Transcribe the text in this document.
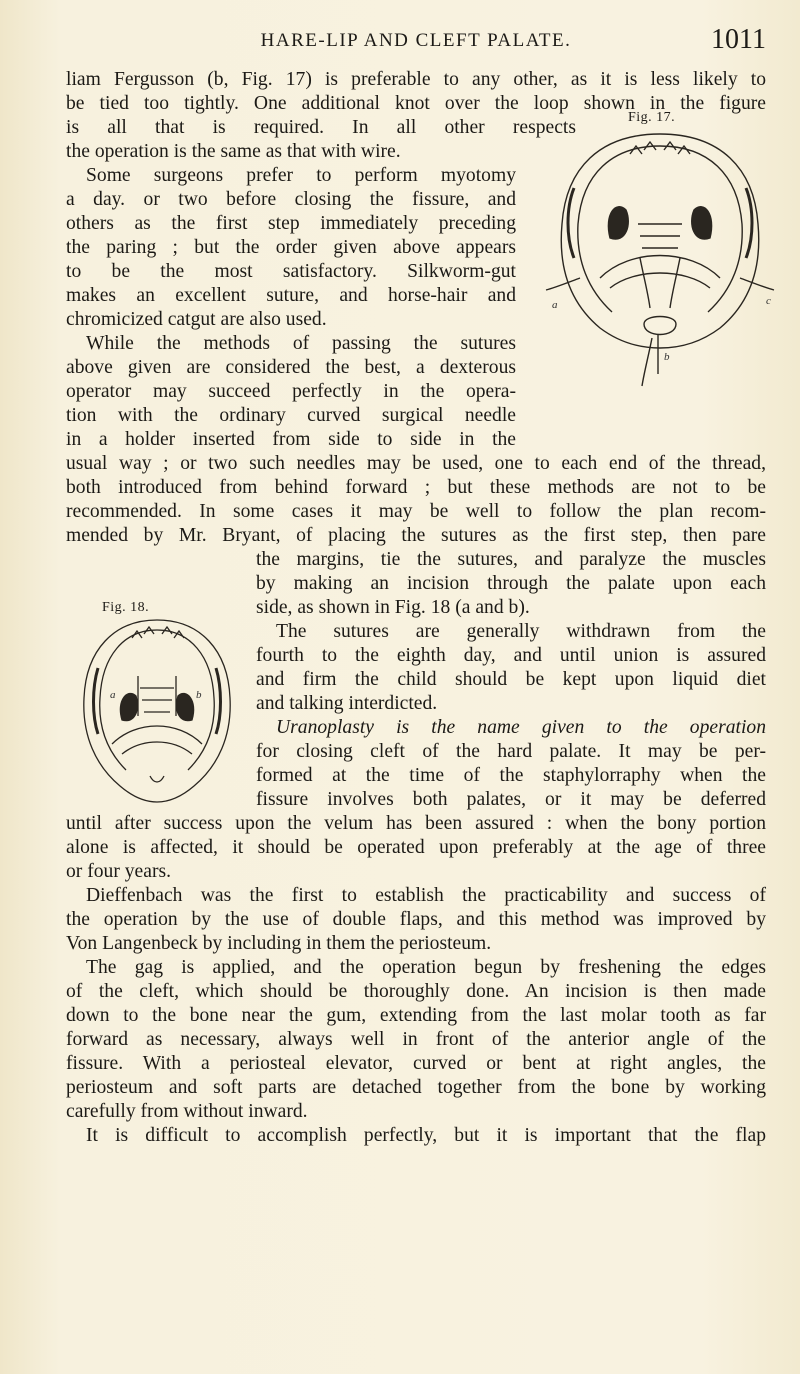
HARE-LIP AND CLEFT PALATE.	1011
Fig. 17.
a
b
c
Fig. 18.
a	b
liam Fergusson (b, Fig. 17) is preferable to any other, as it is less likely to
be tied too tightly. One additional knot over the loop shown in the figure
is all that is required. In all other respects
the operation is the same as that with wire.
Some surgeons prefer to perform myotomy
a day. or two before closing the fissure, and
others as the first step immediately preceding
the paring ; but the order given above appears
to be the most satisfactory. Silkworm-gut
makes an excellent suture, and horse-hair and
chromicized catgut are also used.
While the methods of passing the sutures
above given are considered the best, a dexterous
operator may succeed perfectly in the opera-
tion with the ordinary curved surgical needle
in a holder inserted from side to side in the
usual way ; or two such needles may be used, one to each end of the thread,
both introduced from behind forward ; but these methods are not to be
recommended. In some cases it may be well to follow the plan recom-
mended by Mr. Bryant, of placing the sutures as the first step, then pare
the margins, tie the sutures, and paralyze the muscles
by making an incision through the palate upon each
side, as shown in Fig. 18 (a and b).
The sutures are generally withdrawn from the
fourth to the eighth day, and until union is assured
and firm the child should be kept upon liquid diet
and talking interdicted.
Uranoplasty is the name given to the operation
for closing cleft of the hard palate. It may be per-
formed at the time of the staphylorraphy when the
fissure involves both palates, or it may be deferred
until after success upon the velum has been assured : when the bony portion
alone is affected, it should be operated upon preferably at the age of three
or four years.
Dieffenbach was the first to establish the practicability and success of
the operation by the use of double flaps, and this method was improved by
Von Langenbeck by including in them the periosteum.
The gag is applied, and the operation begun by freshening the edges
of the cleft, which should be thoroughly done. An incision is then made
down to the bone near the gum, extending from the last molar tooth as far
forward as necessary, always well in front of the anterior angle of the
fissure. With a periosteal elevator, curved or bent at right angles, the
periosteum and soft parts are detached together from the bone by working
carefully from without inward.
It is difficult to accomplish perfectly, but it is important that the flap
